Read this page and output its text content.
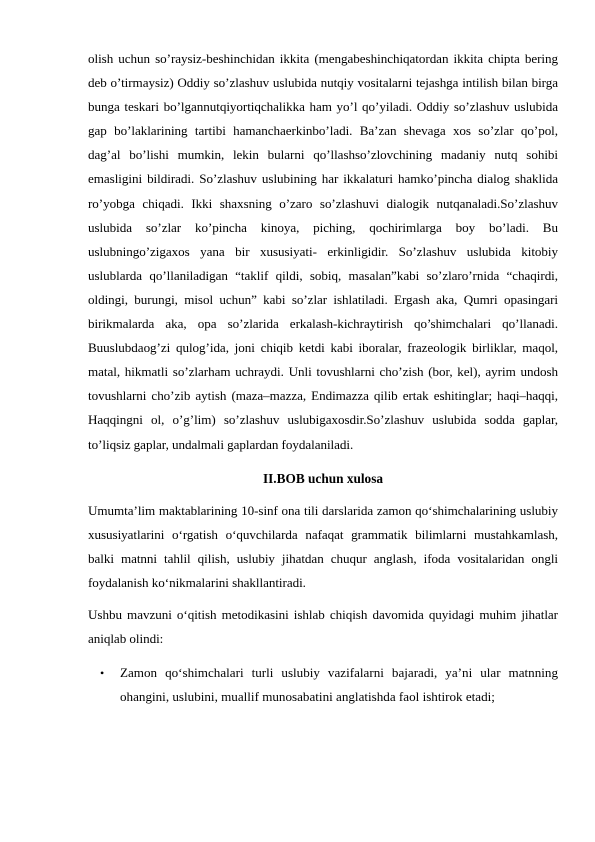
olish uchun so’raysiz-beshinchidan ikkita (mengabeshinchiqatordan ikkita chipta bering deb o’tirmaysiz) Oddiy so’zlashuv uslubida nutqiy vositalarni tejashga intilish bilan birga bunga teskari bo’lgannutqiyortiqchalikka ham yo’l qo’yiladi. Oddiy so’zlashuv uslubida gap bo’laklarining tartibi hamanchaerkinbo’ladi. Ba’zan shevaga xos so’zlar qo’pol, dag’al bo’lishi mumkin, lekin bularni qo’llashso’zlovchining madaniy nutq sohibi emasligini bildiradi. So’zlashuv uslubining har ikkalaturi hamko’pincha dialog shaklida ro’yobga chiqadi. Ikki shaxsning o’zaro so’zlashuvi dialogik nutqanaladi.So’zlashuv uslubida so’zlar ko’pincha kinoya, piching, qochirimlarga boy bo’ladi. Bu uslubningo’zigaxos yana bir xususiyati- erkinligidir. So’zlashuv uslubida kitobiy uslublarda qo’llaniladigan “taklif qildi, sobiq, masalan”kabi so’zlaro’rnida “chaqirdi, oldingi, burungi, misol uchun” kabi so’zlar ishlatiladi. Ergash aka, Qumri opasingari birikmalarda aka, opa so’zlarida erkalash-kichraytirish qo’shimchalari qo’llanadi. Buuslubdaog’zi qulog’ida, joni chiqib ketdi kabi iboralar, frazeologik birliklar, maqol, matal, hikmatli so’zlarham uchraydi. Unli tovushlarni cho’zish (bor, kel), ayrim undosh tovushlarni cho’zib aytish (maza–mazza, Endimazza qilib ertak eshitinglar; haqi–haqqi, Haqqingni ol, o’g’lim) so’zlashuv uslubigaxosdir.So’zlashuv uslubida sodda gaplar, to’liqsiz gaplar, undalmali gaplardan foydalaniladi.

II.BOB uchun xulosa

Umumta’lim maktablarining 10-sinf ona tili darslarida zamon qo‘shimchalarining uslubiy xususiyatlarini o‘rgatish o‘quvchilarda nafaqat grammatik bilimlarni mustahkamlash, balki matnni tahlil qilish, uslubiy jihatdan chuqur anglash, ifoda vositalaridan ongli foydalanish ko‘nikmalarini shakllantiradi.

Ushbu mavzuni o‘qitish metodikasini ishlab chiqish davomida quyidagi muhim jihatlar aniqlab olindi:

• Zamon qo‘shimchalari turli uslubiy vazifalarni bajaradi, ya’ni ular matnning ohangini, uslubini, muallif munosabatini anglatishda faol ishtirok etadi;
